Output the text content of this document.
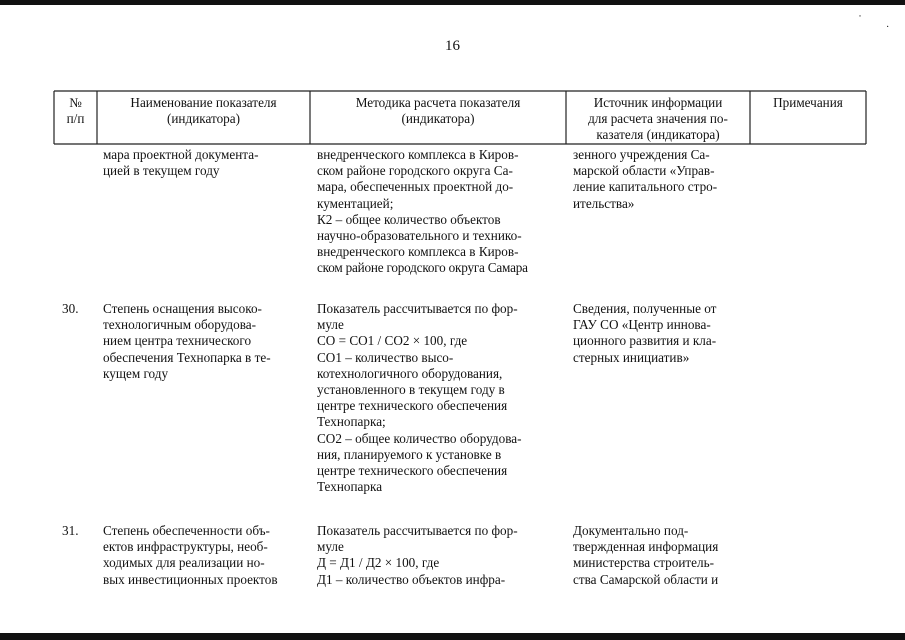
˙
·
16
№
п/п
Наименование показателя
(индикатора)
Методика расчета показателя
(индикатора)
Источник информации
для расчета значения по-
казателя (индикатора)
Примечания
мара проектной документа-
цией в текущем году
внедренческого комплекса в Киров-
ском районе городского округа Са-
мара, обеспеченных проектной до-
кументацией;
К2 – общее количество объектов
научно-образовательного и технико-
внедренческого комплекса в Киров-
ском районе городского округа Самара
зенного учреждения Са-
марской области «Управ-
ление капитального стро-
ительства»
30. Степень оснащения высоко-
технологичным оборудова-
нием центра технического
обеспечения Технопарка в те-
кущем году
Показатель рассчитывается по фор-
муле
СО = СО1 / СО2 × 100, где
СО1 – количество высо-
котехнологичного оборудования,
установленного в текущем году в
центре технического обеспечения
Технопарка;
СО2 – общее количество оборудова-
ния, планируемого к установке в
центре технического обеспечения
Технопарка
Сведения, полученные от
ГАУ СО «Центр иннова-
ционного развития и кла-
стерных инициатив»
31. Степень обеспеченности объ-
ектов инфраструктуры, необ-
ходимых для реализации но-
вых инвестиционных проектов
Показатель рассчитывается по фор-
муле
Д = Д1 / Д2 × 100, где
Д1 – количество объектов инфра-
Документально под-
твержденная информация
министерства строитель-
ства Самарской области и
